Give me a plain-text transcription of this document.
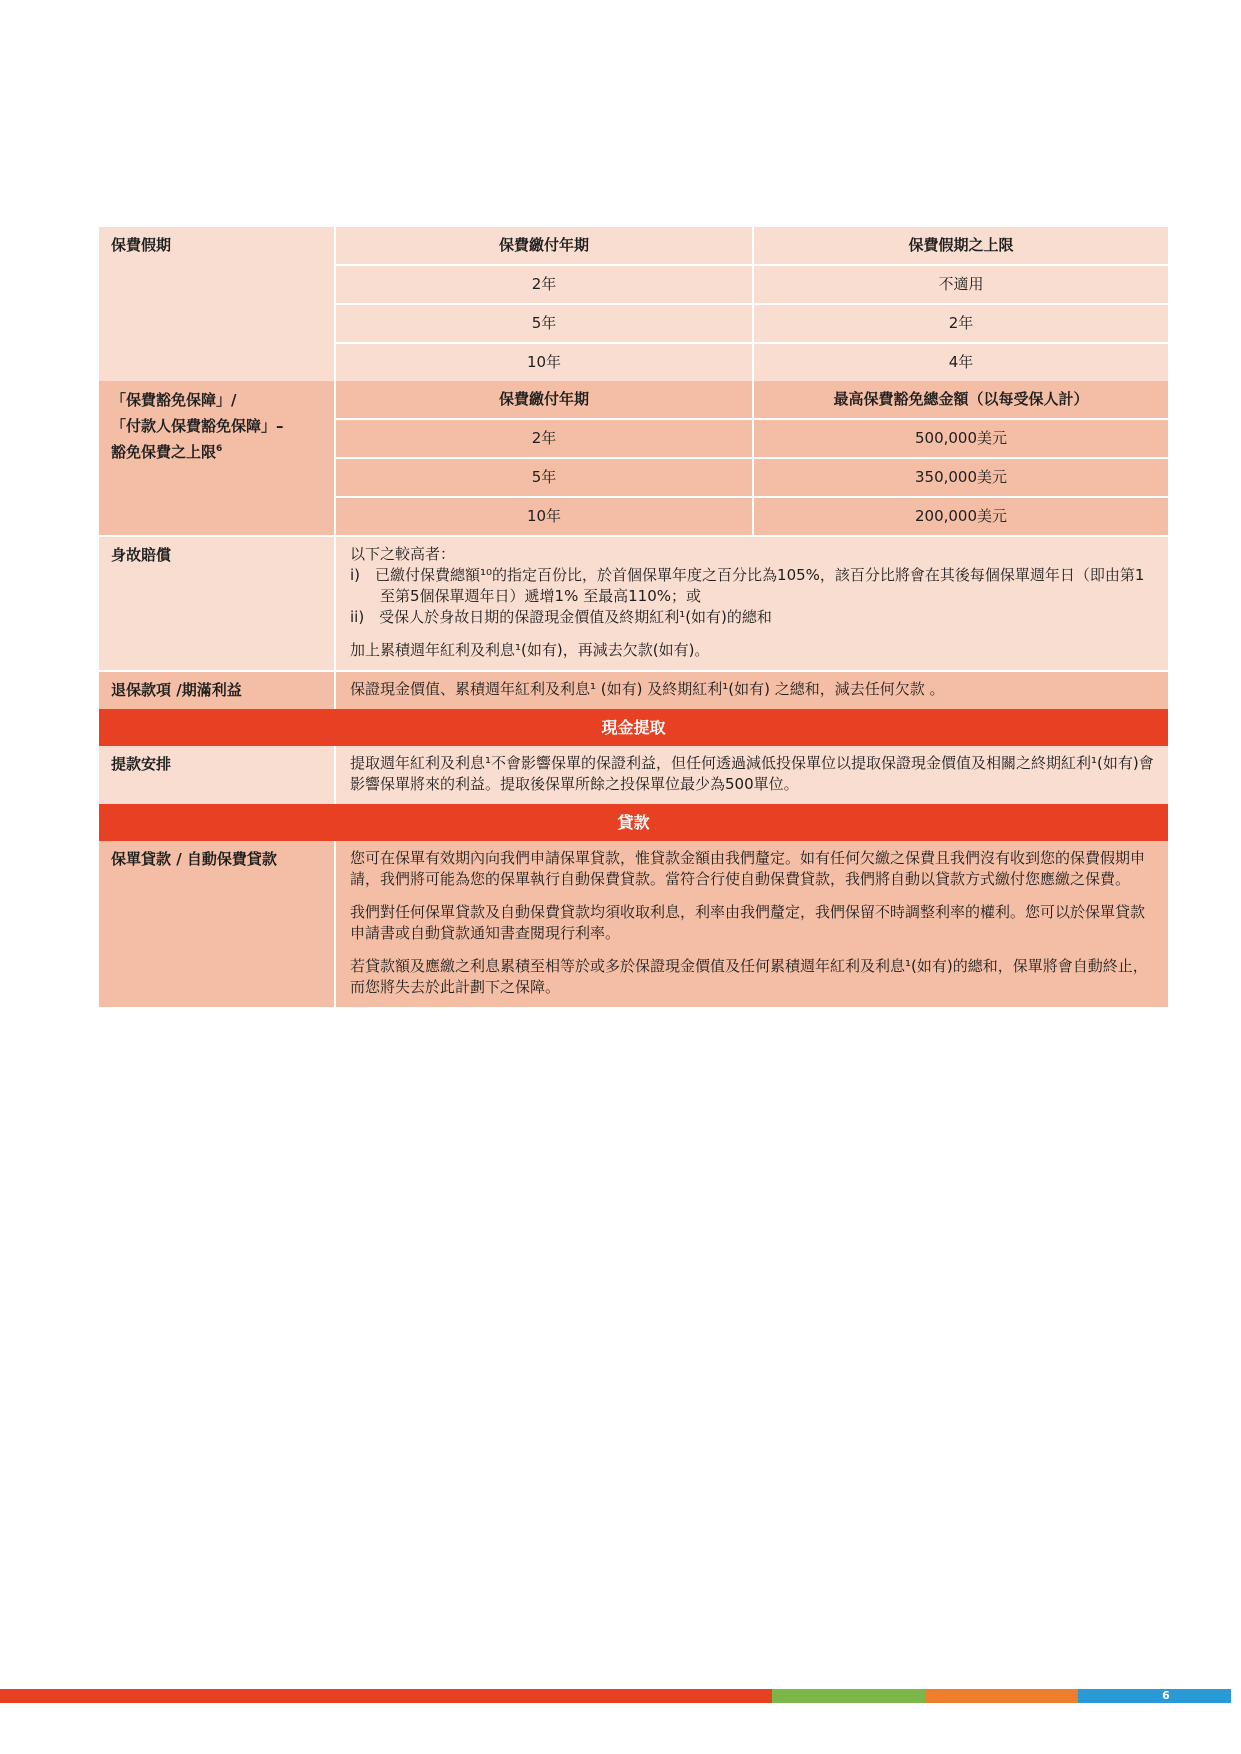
保費假期	保費繳付年期	保費假期之上限
	2年	不適用
	5年	2年
	10年	4年

「保費豁免保障」/
「付款人保費豁免保障」–
豁免保費之上限$^6$	保費繳付年期	最高保費豁免總金額（以每受保人計）
	2年	500,000美元
	5年	350,000美元
	10年	200,000美元
身故賠償	以下之較高者：
i)　已繳付保費總額¹⁰的指定百份比，於首個保單年度之百分比為105%，該百分比將會在其後每個保單週年日（即由第1至第5個保單週年日）遞增1% 至最高110%；或
ii)　受保人於身故日期的保證現金價值及終期紅利¹(如有)的總和
加上累積週年紅利及利息¹(如有)，再減去欠款(如有)。	

退保款項 /期滿利益	保證現金價值、累積週年紅利及利息¹ (如有) 及終期紅利¹(如有) 之總和，減去任何欠款 。	
現金提取		
提款安排	提取週年紅利及利息¹不會影響保單的保證利益，但任何透過減低投保單位以提取保證現金價值及相關之終期紅利¹(如有)會影響保單將來的利益。提取後保單所餘之投保單位最少為500單位。	
貸款		
保單貸款 / 自動保費貸款	您可在保單有效期內向我們申請保單貸款，惟貸款金額由我們釐定。如有任何欠繳之保費且我們沒有收到您的保費假期申請，我們將可能為您的保單執行自動保費貸款。當符合行使自動保費貸款，我們將自動以貸款方式繳付您應繳之保費。
我們對任何保單貸款及自動保費貸款均須收取利息，利率由我們釐定，我們保留不時調整利率的權利。您可以於保單貸款申請書或自動貸款通知書查閱現行利率。
若貸款額及應繳之利息累積至相等於或多於保證現金價值及任何累積週年紅利及利息¹(如有)的總和，保單將會自動終止，而您將失去於此計劃下之保障。	
6
